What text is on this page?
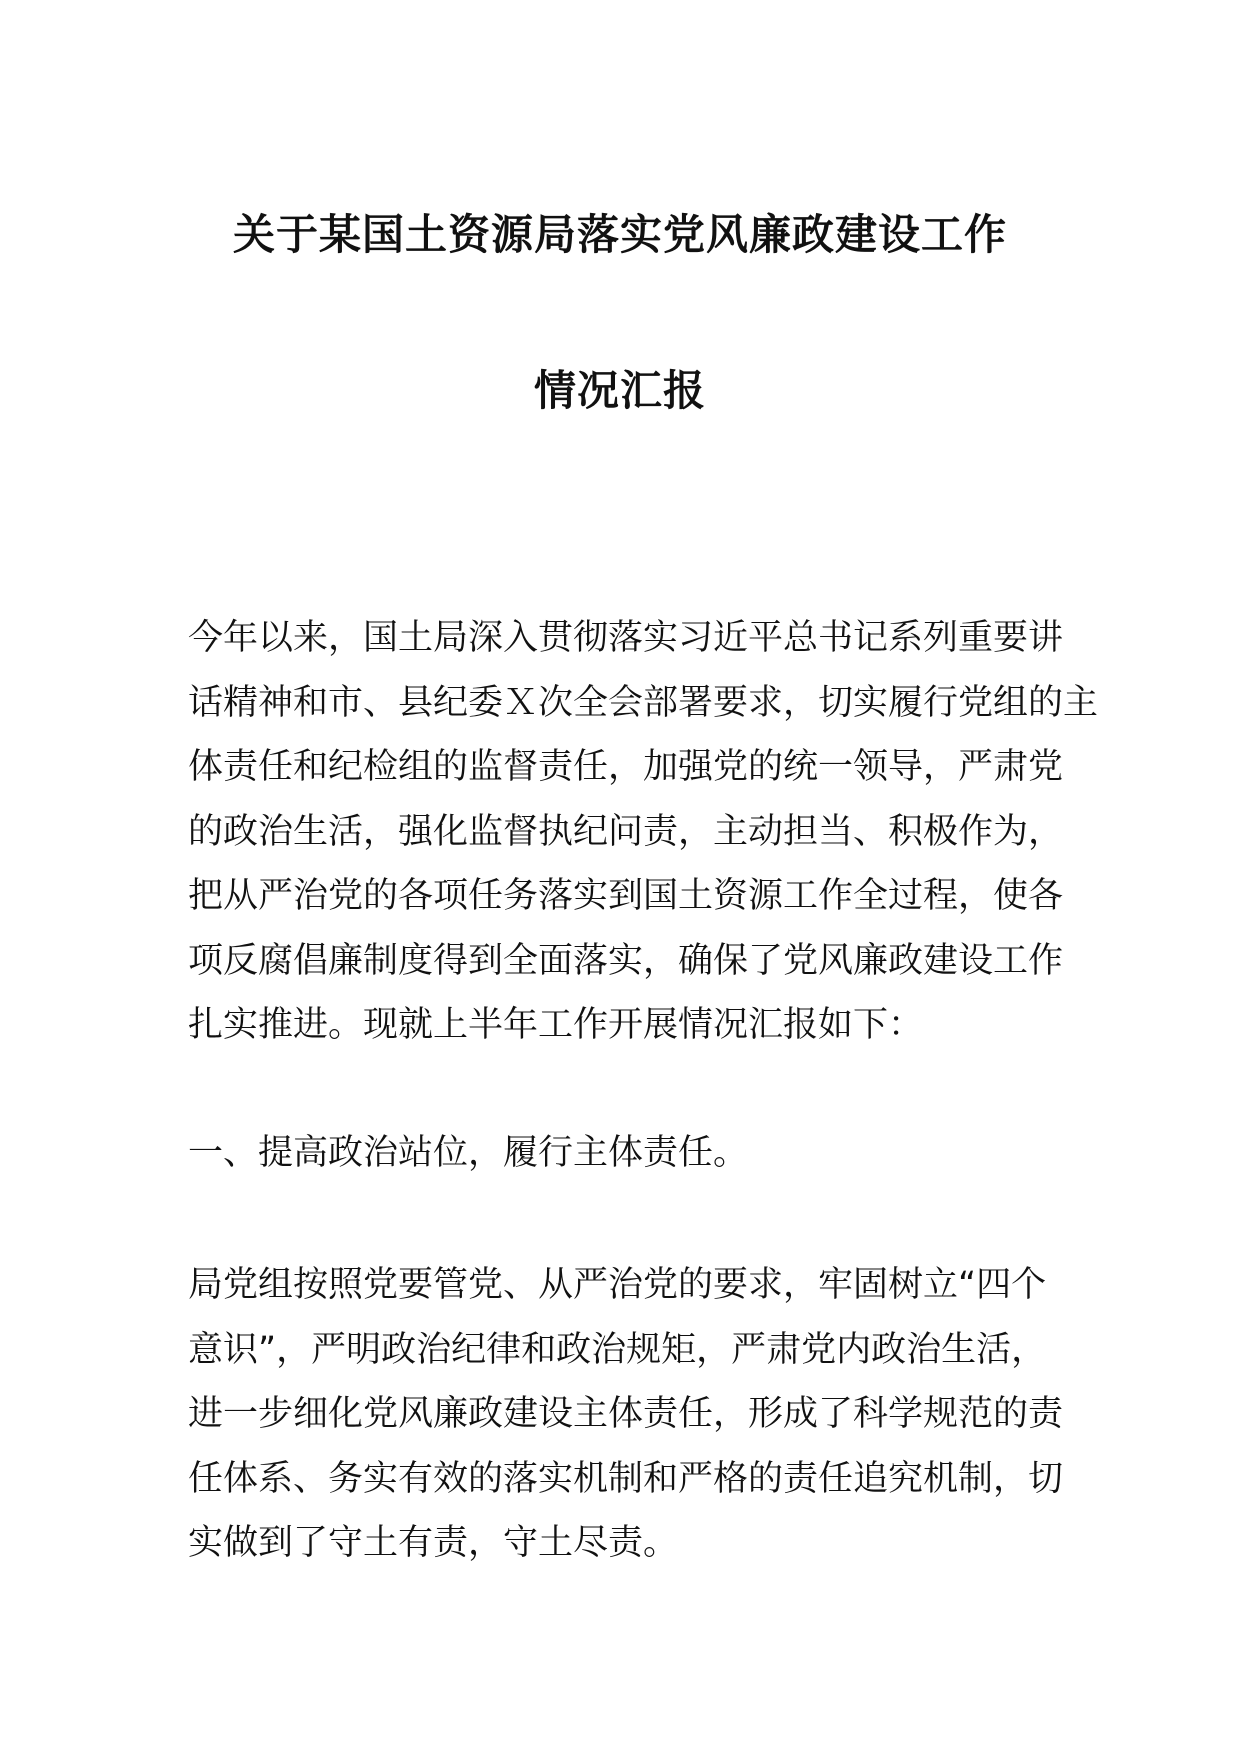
关于某国土资源局落实党风廉政建设工作
情况汇报
今年以来，国土局深入贯彻落实习近平总书记系列重要讲
话精神和市、县纪委Ｘ次全会部署要求，切实履行党组的主
体责任和纪检组的监督责任，加强党的统一领导，严肃党
的政治生活，强化监督执纪问责，主动担当、积极作为，
把从严治党的各项任务落实到国土资源工作全过程，使各
项反腐倡廉制度得到全面落实，确保了党风廉政建设工作
扎实推进。现就上半年工作开展情况汇报如下：
一、提高政治站位，履行主体责任。
局党组按照党要管党、从严治党的要求，牢固树立“四个
意识”，严明政治纪律和政治规矩，严肃党内政治生活，
进一步细化党风廉政建设主体责任，形成了科学规范的责
任体系、务实有效的落实机制和严格的责任追究机制，切
实做到了守土有责，守土尽责。
